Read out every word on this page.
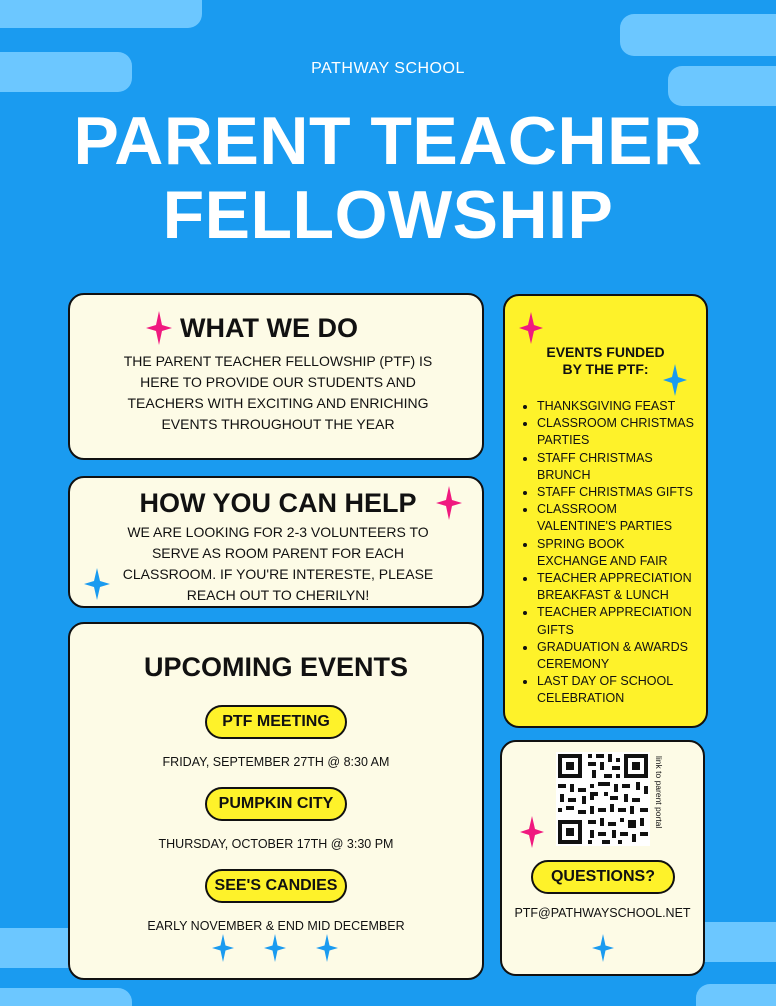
PATHWAY SCHOOL
PARENT TEACHER
FELLOWSHIP
WHAT WE DO
THE PARENT TEACHER FELLOWSHIP (PTF) IS HERE TO PROVIDE OUR STUDENTS AND TEACHERS WITH EXCITING AND ENRICHING EVENTS THROUGHOUT THE YEAR
HOW YOU CAN HELP
WE ARE LOOKING FOR 2-3 VOLUNTEERS TO SERVE AS ROOM PARENT FOR EACH CLASSROOM. IF YOU'RE INTERESTE, PLEASE REACH OUT TO CHERILYN!
UPCOMING EVENTS
PTF MEETING
FRIDAY, SEPTEMBER 27TH @ 8:30 AM
PUMPKIN CITY
THURSDAY, OCTOBER 17TH @ 3:30 PM
SEE'S CANDIES
EARLY NOVEMBER & END MID DECEMBER
EVENTS FUNDED
BY THE PTF:
• THANKSGIVING FEAST
• CLASSROOM CHRISTMAS PARTIES
• STAFF CHRISTMAS BRUNCH
• STAFF CHRISTMAS GIFTS
• CLASSROOM VALENTINE'S PARTIES
• SPRING BOOK EXCHANGE AND FAIR
• TEACHER APPRECIATION BREAKFAST & LUNCH
• TEACHER APPRECIATION GIFTS
• GRADUATION & AWARDS CEREMONY
• LAST DAY OF SCHOOL CELEBRATION
link to parent portal
QUESTIONS?
PTF@PATHWAYSCHOOL.NET
